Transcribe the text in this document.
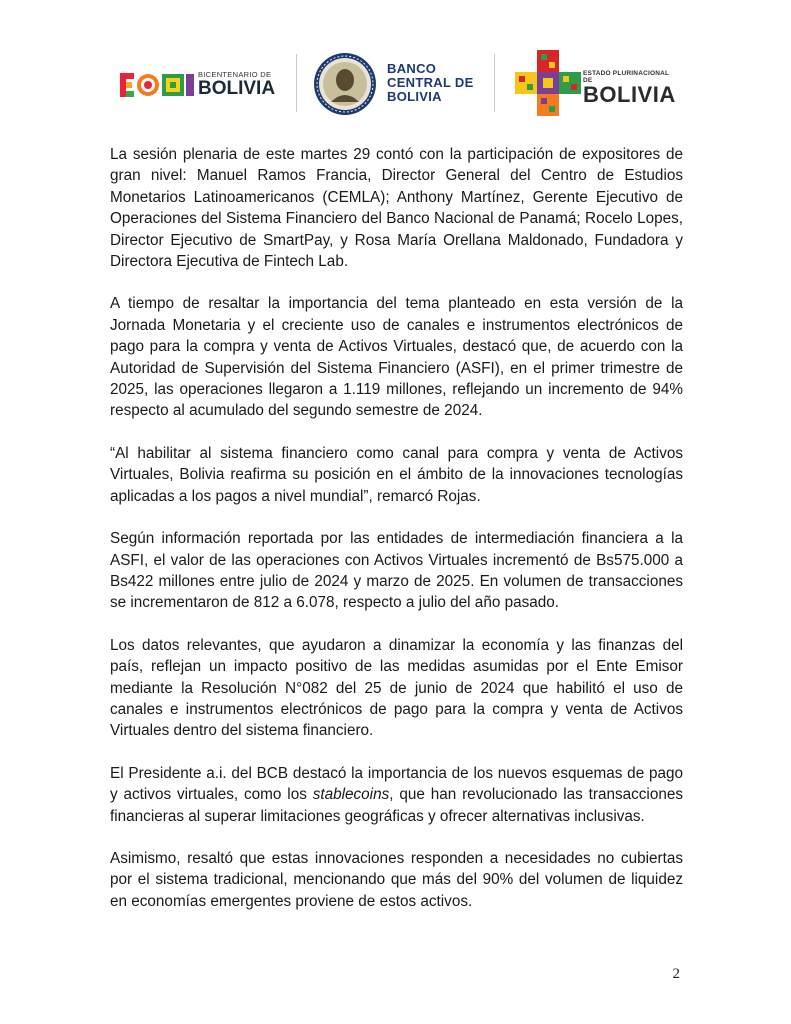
BICENTENARIO DE
BOLIVIA
BANCO
CENTRAL DE
BOLIVIA
ESTADO PLURINACIONAL DE
BOLIVIA

La sesión plenaria de este martes 29 contó con la participación de expositores de gran nivel: Manuel Ramos Francia, Director General del Centro de Estudios Monetarios Latinoamericanos (CEMLA); Anthony Martínez, Gerente Ejecutivo de Operaciones del Sistema Financiero del Banco Nacional de Panamá; Rocelo Lopes, Director Ejecutivo de SmartPay, y Rosa María Orellana Maldonado, Fundadora y Directora Ejecutiva de Fintech Lab.

A tiempo de resaltar la importancia del tema planteado en esta versión de la Jornada Monetaria y el creciente uso de canales e instrumentos electrónicos de pago para la compra y venta de Activos Virtuales, destacó que, de acuerdo con la Autoridad de Supervisión del Sistema Financiero (ASFI), en el primer trimestre de 2025, las operaciones llegaron a 1.119 millones, reflejando un incremento de 94% respecto al acumulado del segundo semestre de 2024.

“Al habilitar al sistema financiero como canal para compra y venta de Activos Virtuales, Bolivia reafirma su posición en el ámbito de la innovaciones tecnologías aplicadas a los pagos a nivel mundial”, remarcó Rojas.

Según información reportada por las entidades de intermediación financiera a la ASFI, el valor de las operaciones con Activos Virtuales incrementó de Bs575.000 a Bs422 millones entre julio de 2024 y marzo de 2025. En volumen de transacciones se incrementaron de 812 a 6.078, respecto a julio del año pasado.

Los datos relevantes, que ayudaron a dinamizar la economía y las finanzas del país, reflejan un impacto positivo de las medidas asumidas por el Ente Emisor mediante la Resolución N°082 del 25 de junio de 2024 que habilitó el uso de canales e instrumentos electrónicos de pago para la compra y venta de Activos Virtuales dentro del sistema financiero.

El Presidente a.i. del BCB destacó la importancia de los nuevos esquemas de pago y activos virtuales, como los stablecoins, que han revolucionado las transacciones financieras al superar limitaciones geográficas y ofrecer alternativas inclusivas.

Asimismo, resaltó que estas innovaciones responden a necesidades no cubiertas por el sistema tradicional, mencionando que más del 90% del volumen de liquidez en economías emergentes proviene de estos activos.

2
